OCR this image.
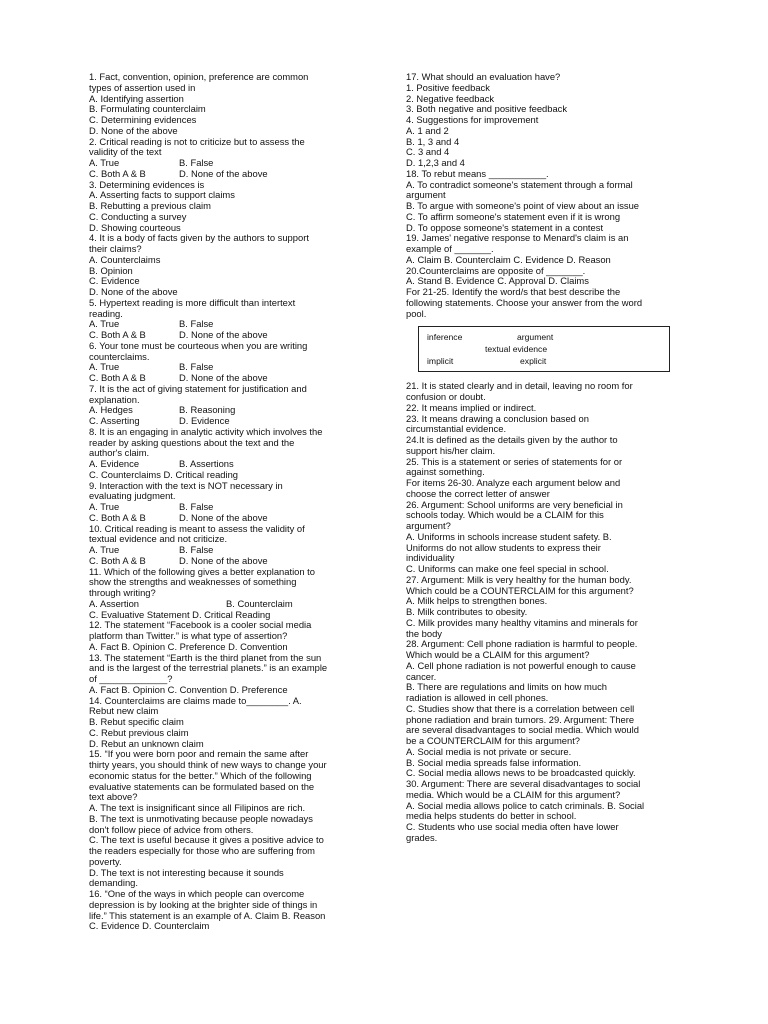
1. Fact, convention, opinion, preference are common
types of assertion used in
A. Identifying assertion
B. Formulating counterclaim
C. Determining evidences
D. None of the above
2. Critical reading is not to criticize but to assess the
validity of the text
A. True	B. False
C. Both A & B	D. None of the above
3. Determining evidences is
A. Asserting facts to support claims
B. Rebutting a previous claim
C. Conducting a survey
D. Showing courteous
4. It is a body of facts given by the authors to support
their claims?
A. Counterclaims
B. Opinion
C. Evidence
D. None of the above
5. Hypertext reading is more difficult than intertext
reading.
A. True	B. False
C. Both A & B	D. None of the above
6. Your tone must be courteous when you are writing
counterclaims.
A. True	B. False
C. Both A & B	D. None of the above
7. It is the act of giving statement for justification and
explanation.
A. Hedges	B. Reasoning
C. Asserting	D. Evidence
8. It is an engaging in analytic activity which involves the
reader by asking questions about the text and the
author's claim.
A. Evidence	B. Assertions
C. Counterclaims D. Critical reading
9. Interaction with the text is NOT necessary in
evaluating judgment.
A. True	B. False
C. Both A & B	D. None of the above
10. Critical reading is meant to assess the validity of
textual evidence and not criticize.
A. True	B. False
C. Both A & B	D. None of the above
11. Which of the following gives a better explanation to
show the strengths and weaknesses of something
through writing?
A. Assertion	B. Counterclaim
C. Evaluative Statement D. Critical Reading
12. The statement “Facebook is a cooler social media
platform than Twitter.” is what type of assertion?
A. Fact B. Opinion C. Preference D. Convention
13. The statement “Earth is the third planet from the sun
and is the largest of the terrestrial planets.” is an example
of _____________?
A. Fact B. Opinion C. Convention D. Preference
14. Counterclaims are claims made to________. A.
Rebut new claim
B. Rebut specific claim
C. Rebut previous claim
D. Rebut an unknown claim
15. “If you were born poor and remain the same after
thirty years, you should think of new ways to change your
economic status for the better.” Which of the following
evaluative statements can be formulated based on the
text above?
A. The text is insignificant since all Filipinos are rich.
B. The text is unmotivating because people nowadays
don't follow piece of advice from others.
C. The text is useful because it gives a positive advice to
the readers especially for those who are suffering from
poverty.
D. The text is not interesting because it sounds
demanding.
16. “One of the ways in which people can overcome
depression is by looking at the brighter side of things in
life.” This statement is an example of A. Claim B. Reason
C. Evidence D. Counterclaim
17. What should an evaluation have?
1. Positive feedback
2. Negative feedback
3. Both negative and positive feedback
4. Suggestions for improvement
A. 1 and 2
B. 1, 3 and 4
C. 3 and 4
D. 1,2,3 and 4
18. To rebut means ___________.
A. To contradict someone's statement through a formal
argument
B. To argue with someone's point of view about an issue
C. To affirm someone's statement even if it is wrong
D. To oppose someone's statement in a contest
19. James' negative response to Menard's claim is an
example of _______.
A. Claim B. Counterclaim C. Evidence D. Reason
20.Counterclaims are opposite of _______.
A. Stand B. Evidence C. Approval D. Claims
For 21-25. Identify the word/s that best describe the
following statements. Choose your answer from the word
pool.
inference	argument
textual evidence
implicit	explicit
21. It is stated clearly and in detail, leaving no room for
confusion or doubt.
22. It means implied or indirect.
23. It means drawing a conclusion based on
circumstantial evidence.
24.It is defined as the details given by the author to
support his/her claim.
25. This is a statement or series of statements for or
against something.
For items 26-30. Analyze each argument below and
choose the correct letter of answer
26. Argument: School uniforms are very beneficial in
schools today. Which would be a CLAIM for this
argument?
A. Uniforms in schools increase student safety. B.
Uniforms do not allow students to express their
individuality
C. Uniforms can make one feel special in school.
27. Argument: Milk is very healthy for the human body.
Which could be a COUNTERCLAIM for this argument?
A. Milk helps to strengthen bones.
B. Milk contributes to obesity.
C. Milk provides many healthy vitamins and minerals for
the body
28. Argument: Cell phone radiation is harmful to people.
Which would be a CLAIM for this argument?
A. Cell phone radiation is not powerful enough to cause
cancer.
B. There are regulations and limits on how much
radiation is allowed in cell phones.
C. Studies show that there is a correlation between cell
phone radiation and brain tumors. 29. Argument: There
are several disadvantages to social media. Which would
be a COUNTERCLAIM for this argument?
A. Social media is not private or secure.
B. Social media spreads false information.
C. Social media allows news to be broadcasted quickly.
30. Argument: There are several disadvantages to social
media. Which would be a CLAIM for this argument?
A. Social media allows police to catch criminals. B. Social
media helps students do better in school.
C. Students who use social media often have lower
grades.
